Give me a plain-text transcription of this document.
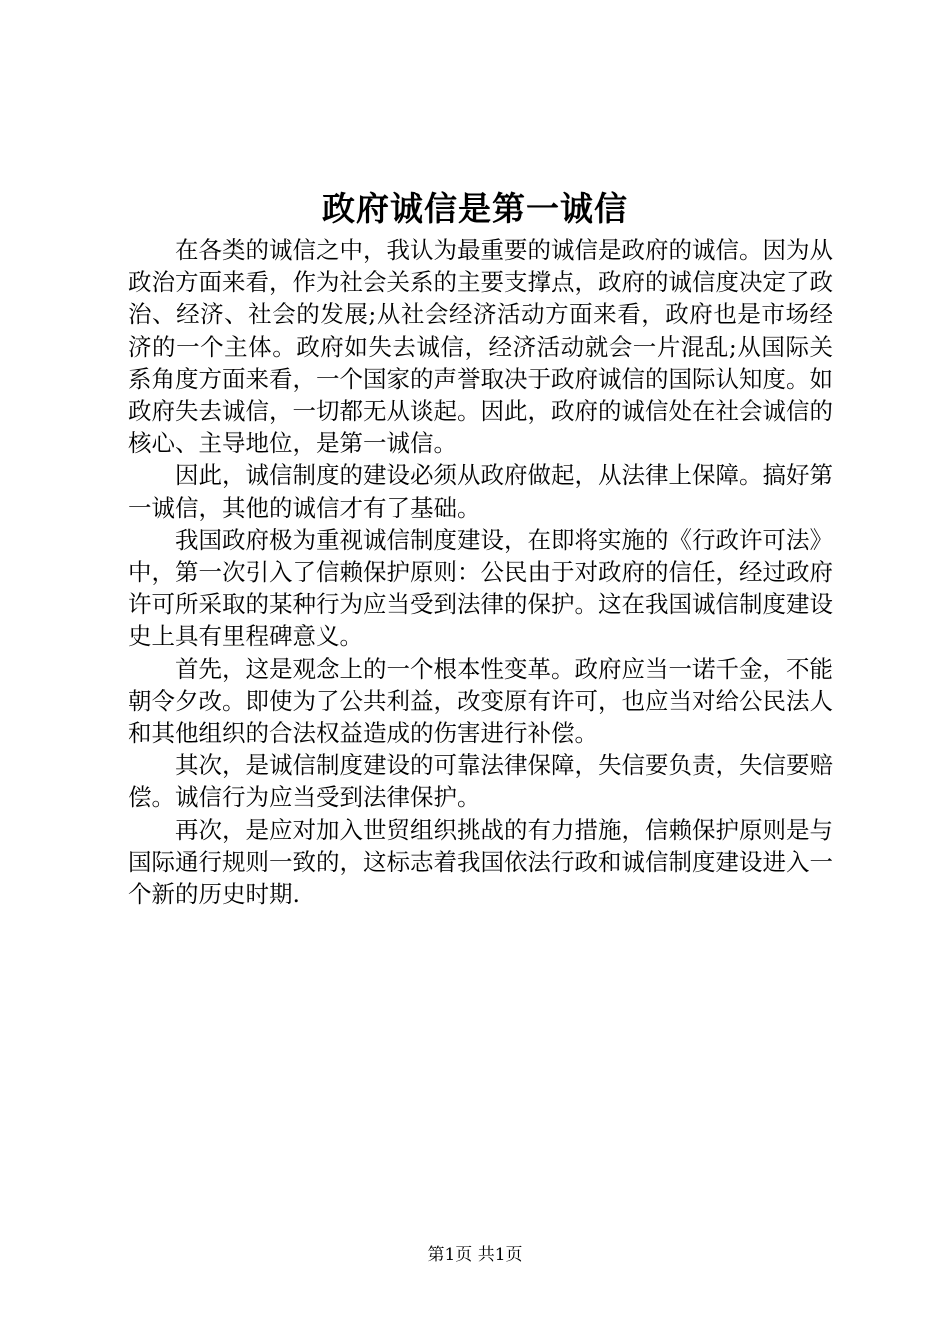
政府诚信是第一诚信

在各类的诚信之中，我认为最重要的诚信是政府的诚信。因为从政治方面来看，作为社会关系的主要支撑点，政府的诚信度决定了政治、经济、社会的发展;从社会经济活动方面来看，政府也是市场经济的一个主体。政府如失去诚信，经济活动就会一片混乱;从国际关系角度方面来看，一个国家的声誉取决于政府诚信的国际认知度。如政府失去诚信，一切都无从谈起。因此，政府的诚信处在社会诚信的核心、主导地位，是第一诚信。

因此，诚信制度的建设必须从政府做起，从法律上保障。搞好第一诚信，其他的诚信才有了基础。

我国政府极为重视诚信制度建设，在即将实施的《行政许可法》中，第一次引入了信赖保护原则：公民由于对政府的信任，经过政府许可所采取的某种行为应当受到法律的保护。这在我国诚信制度建设史上具有里程碑意义。

首先，这是观念上的一个根本性变革。政府应当一诺千金，不能朝令夕改。即使为了公共利益，改变原有许可，也应当对给公民法人和其他组织的合法权益造成的伤害进行补偿。

其次，是诚信制度建设的可靠法律保障，失信要负责，失信要赔偿。诚信行为应当受到法律保护。

再次，是应对加入世贸组织挑战的有力措施，信赖保护原则是与国际通行规则一致的，这标志着我国依法行政和诚信制度建设进入一个新的历史时期.

第1页 共1页
